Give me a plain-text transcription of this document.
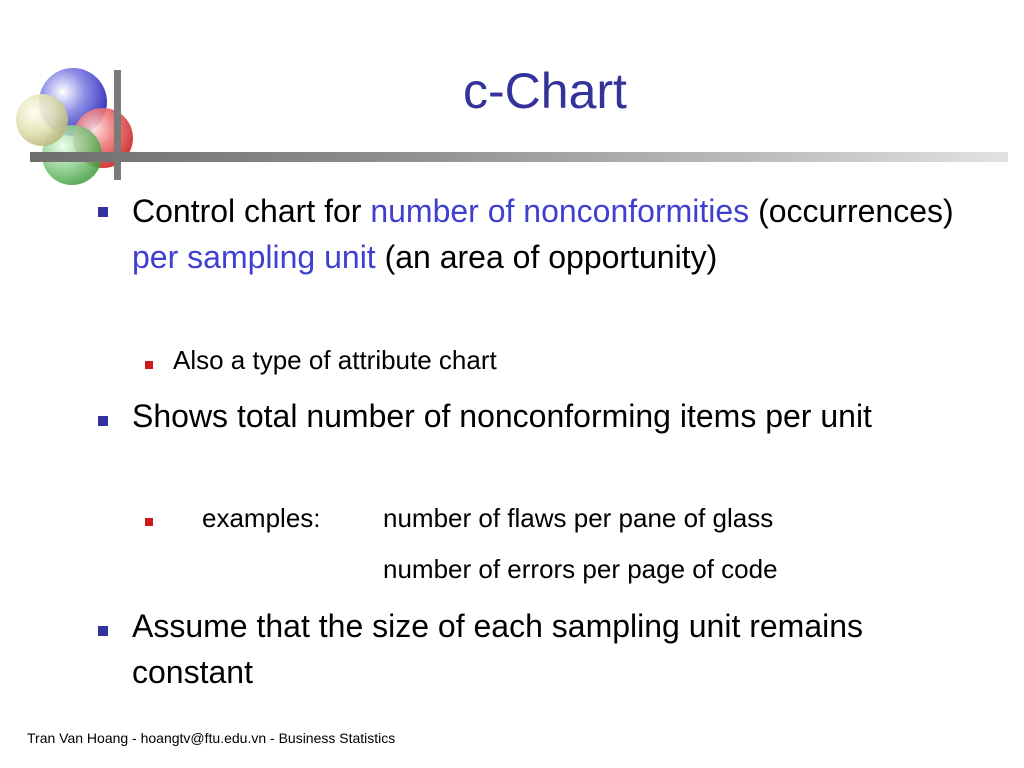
c-Chart
Control chart for number of nonconformities (occurrences) per sampling unit (an area of opportunity)
Also a type of attribute chart
Shows total number of nonconforming items per unit
examples: number of flaws per pane of glass
number of errors per page of code
Assume that the size of each sampling unit remains constant
Tran Van Hoang - hoangtv@ftu.edu.vn - Business Statistics
